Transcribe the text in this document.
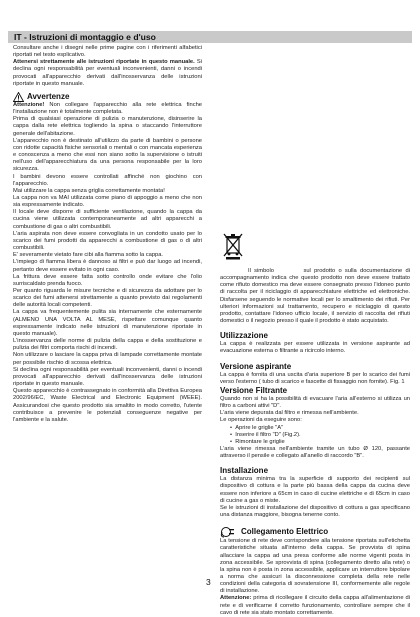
IT - Istruzioni di montaggio e d'uso

Consultare anche i disegni nelle prime pagine con i riferimenti alfabetici riportati nel testo esplicativo.

Attenersi strettamente alle istruzioni riportate in questo manuale. Si declina ogni responsabilità per eventuali inconvenienti, danni o incendi provocati all'apparecchio derivati dall'inosservanza delle istruzioni riportate in questo manuale.

Avvertenze

Attenzione! Non collegare l'apparecchio alla rete elettrica finche l'installazione non è totalmente completata.

Prima di qualsiasi operazione di pulizia o manutenzione, disinserire la cappa dalla rete elettrica togliendo la spina o staccando l'interruttore generale dell'abitazione.

L'apparecchio non è destinato all'utilizzo da parte di bambini o persone con ridotte capacità fisiche sensoriali o mentali o con mancata esperienza e conoscenza a meno che essi non siano sotto la supervisione o istruiti nell'uso dell'apparecchiatura da una persona responsabile per la loro sicurezza.

I bambini devono essere controllati affinché non giochino con l'apparecchio.

Mai utilizzare la cappa senza griglia correttamente montata!

La cappa non va MAI utilizzata come piano di appoggio a meno che non sia espressamente indicato.

Il locale deve disporre di sufficiente ventilazione, quando la cappa da cucina viene utilizzata contemporaneamente ad altri apparecchi a combustione di gas o altri combustibili.

L'aria aspirata non deve essere convogliata in un condotto usato per lo scarico dei fumi prodotti da apparecchi a combustione di gas o di altri combustibili.

E' severamente vietato fare cibi alla fiamma sotto la cappa.

L'impiego di fiamma libera è dannoso ai filtri e può dar luogo ad incendi, pertanto deve essere evitato in ogni caso.

La frittura deve essere fatta sotto controllo onde evitare che l'olio surriscaldato prenda fuoco.

Per quanto riguarda le misure tecniche e di sicurezza da adottare per lo scarico dei fumi attenersi strettamente a quanto previsto dai regolamenti delle autorità locali competenti.

La cappa va frequentemente pulita sia internamente che esternamente (ALMENO UNA VOLTA AL MESE, rispettare comunque quanto espressamente indicato nelle istruzioni di manutenzione riportate in questo manuale).

L'inosservanza delle norme di pulizia della cappa e della sostituzione e pulizia dei filtri comporta rischi di incendi.

Non utilizzare o lasciare la cappa priva di lampade correttamente montate per possibile rischio di scossa elettrica.

Si declina ogni responsabilità per eventuali inconvenienti, danni o incendi provocati all'apparecchio derivati dall'inosservanza delle istruzioni riportate in questo manuale.

Questo apparecchio è contrassegnato in conformità alla Direttiva Europea 2002/96/EC, Waste Electrical and Electronic Equipment (WEEE). Assicurandosi che questo prodotto sia smaltito in modo corretto, l'utente contribuisce a prevenire le potenziali conseguenze negative per l'ambiente e la salute.

Il simbolo	sul prodotto o sulla documentazione di accompagnamento indica che questo prodotto non deve essere trattato come rifiuto domestico ma deve essere consegnato presso l'idoneo punto di raccolta per il riciclaggio di apparecchiature elettriche ed elettroniche. Disfarsene seguendo le normative locali per lo smaltimento dei rifiuti. Per ulteriori informazioni sul trattamento, recupero e riciclaggio di questo prodotto, contattare l'idoneo ufficio locale, il servizio di raccolta dei rifiuti domestici o il negozio presso il quale il prodotto è stato acquistato.

Utilizzazione

La cappa è realizzata per essere utilizzata in versione aspirante ad evacuazione esterna o filtrante a ricircolo interno.

Versione aspirante

La cappa è fornita di una uscita d'aria superiore B per lo scarico dei fumi verso l'esterno ( tubo di scarico e fascette di fissaggio non fornite). Fig. 1

Versione Filtrante

Quando non si ha la possibilità di evacuare l'aria all'esterno si utilizza un filtro a carboni attivi "D".

L'aria viene depurata dal filtro e rimessa nell'ambiente.

Le operazioni da eseguire sono:

•  Aprire le griglie "A"

•  Inserire il filtro "D" (Fig.2).

•  Rimontare le griglie

L'aria viene rimessa nell'ambiente tramite un tubo Ø 120, passante attraverso il pensile e collegato all'anello di raccordo "B".

Installazione

La distanza minima tra la superficie di supporto dei recipienti sul dispositivo di cottura e la parte più bassa della cappa da cucina deve essere non inferiore a 65cm in caso di cucine elettriche e di 65cm in caso di cucine a gas o miste.

Se le istruzioni di installazione del dispositivo di cottura a gas specificano una distanza maggiore, bisogna tenerne conto.

Collegamento Elettrico

La tensione di rete deve corrispondere alla tensione riportata sull'etichetta caratteristiche situata all'interno della cappa. Se provvista di spina allacciare la cappa ad una presa conforme alle norme vigenti posta in zona accessibile. Se sprovvista di spina (collegamento diretto alla rete) o la spina non è posta in zona accessibile, applicare un interruttore bipolare a norma che assicuri la disconnessione completa della rete nelle condizioni della categoria di sovratensione III, conformemente alle regole di installazione.

Attenzione: prima di ricollegare il circuito della cappa all'alimentazione di rete e di verificarne il corretto funzionamento, controllare sempre che il cavo di rete sia stato montato correttamente.

3
